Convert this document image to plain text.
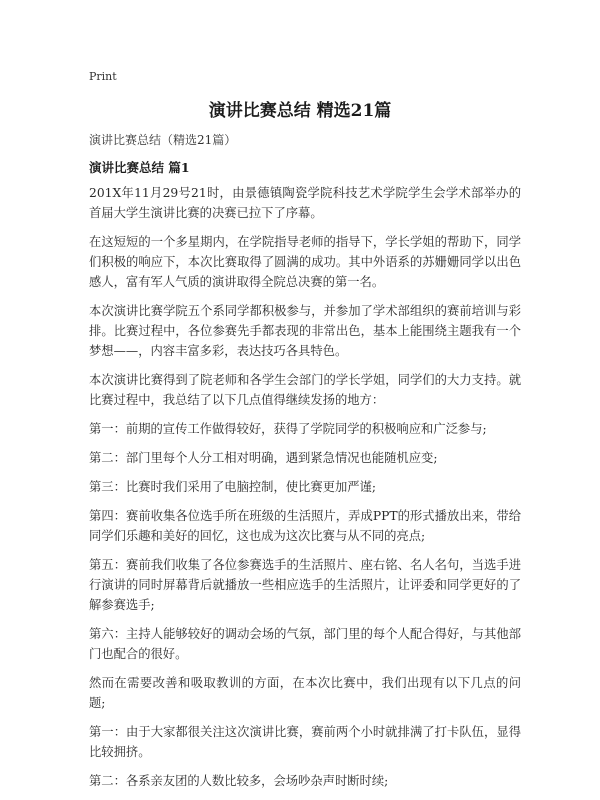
Print
演讲比赛总结 精选21篇
演讲比赛总结（精选21篇）
演讲比赛总结 篇1

201X年11月29号21时，由景德镇陶瓷学院科技艺术学院学生会学术部举办的首届大学生演讲比赛的决赛已拉下了序幕。

在这短短的一个多星期内，在学院指导老师的指导下，学长学姐的帮助下，同学们积极的响应下，本次比赛取得了圆满的成功。其中外语系的苏姗姗同学以出色感人，富有军人气质的演讲取得全院总决赛的第一名。

本次演讲比赛学院五个系同学都积极参与，并参加了学术部组织的赛前培训与彩排。比赛过程中，各位参赛先手都表现的非常出色，基本上能围绕主题我有一个梦想——，内容丰富多彩，表达技巧各具特色。

本次演讲比赛得到了院老师和各学生会部门的学长学姐，同学们的大力支持。就比赛过程中，我总结了以下几点值得继续发扬的地方：

第一：前期的宣传工作做得较好，获得了学院同学的积极响应和广泛参与;

第二：部门里每个人分工相对明确，遇到紧急情况也能随机应变;

第三：比赛时我们采用了电脑控制，使比赛更加严谨;

第四：赛前收集各位选手所在班级的生活照片，弄成PPT的形式播放出来，带给同学们乐趣和美好的回忆，这也成为这次比赛与从不同的亮点;

第五：赛前我们收集了各位参赛选手的生活照片、座右铭、名人名句，当选手进行演讲的同时屏幕背后就播放一些相应选手的生活照片，让评委和同学更好的了解参赛选手;

第六：主持人能够较好的调动会场的气氛，部门里的每个人配合得好，与其他部门也配合的很好。

然而在需要改善和吸取教训的方面，在本次比赛中，我们出现有以下几点的问题;

第一：由于大家都很关注这次演讲比赛，赛前两个小时就排满了打卡队伍，显得比较拥挤。

第二：各系亲友团的人数比较多，会场吵杂声时断时续;
